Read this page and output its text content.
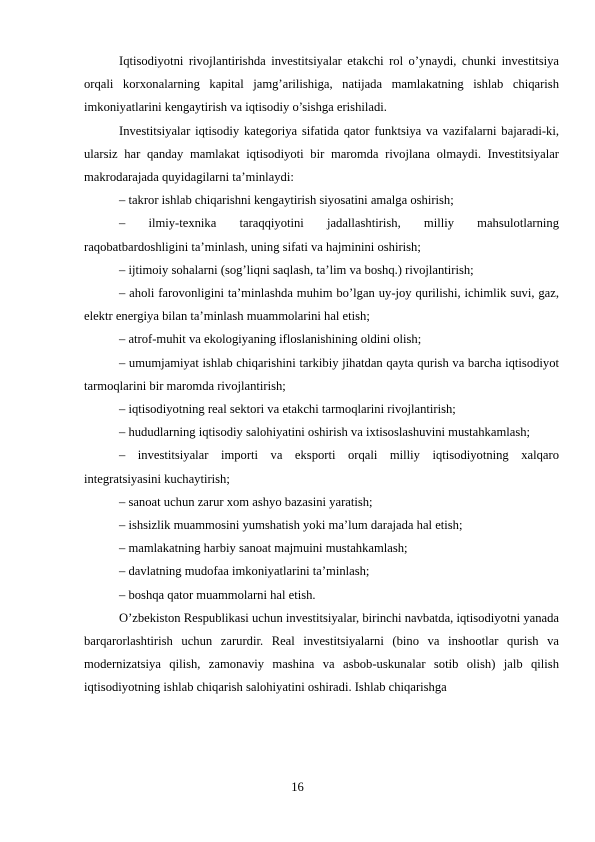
Iqtisodiyotni rivojlantirishda investitsiyalar etakchi rol o’ynaydi, chunki investitsiya orqali korxonalarning kapital jamg’arilishiga, natijada mamlakatning ishlab chiqarish imkoniyatlarini kengaytirish va iqtisodiy o’sishga erishiladi.

Investitsiyalar iqtisodiy kategoriya sifatida qator funktsiya va vazifalarni bajaradi-ki, ularsiz har qanday mamlakat iqtisodiyoti bir maromda rivojlana olmaydi. Investitsiyalar makrodarajada quyidagilarni ta’minlaydi:

– takror ishlab chiqarishni kengaytirish siyosatini amalga oshirish;

– ilmiy-texnika taraqqiyotini jadallashtirish, milliy mahsulotlarning raqobatbardoshligini ta’minlash, uning sifati va hajminini oshirish;

– ijtimoiy sohalarni (sog’liqni saqlash, ta’lim va boshq.) rivojlantirish;

– aholi farovonligini ta’minlashda muhim bo’lgan uy-joy qurilishi, ichimlik suvi, gaz, elektr energiya bilan ta’minlash muammolarini hal etish;

– atrof-muhit va ekologiyaning ifloslanishining oldini olish;

– umumjamiyat ishlab chiqarishini tarkibiy jihatdan qayta qurish va barcha iqtisodiyot tarmoqlarini bir maromda rivojlantirish;

– iqtisodiyotning real sektori va etakchi tarmoqlarini rivojlantirish;

– hududlarning iqtisodiy salohiyatini oshirish va ixtisoslashuvini mustahkamlash;

– investitsiyalar importi va eksporti orqali milliy iqtisodiyotning xalqaro integratsiyasini kuchaytirish;

– sanoat uchun zarur xom ashyo bazasini yaratish;

– ishsizlik muammosini yumshatish yoki ma’lum darajada hal etish;

– mamlakatning harbiy sanoat majmuini mustahkamlash;

– davlatning mudofaa imkoniyatlarini ta’minlash;

– boshqa qator muammolarni hal etish.

O’zbekiston Respublikasi uchun investitsiyalar, birinchi navbatda, iqtisodiyotni yanada barqarorlashtirish uchun zarurdir. Real investitsiyalarni (bino va inshootlar qurish va modernizatsiya qilish, zamonaviy mashina va asbob-uskunalar sotib olish) jalb qilish iqtisodiyotning ishlab chiqarish salohiyatini oshiradi. Ishlab chiqarishga

16
